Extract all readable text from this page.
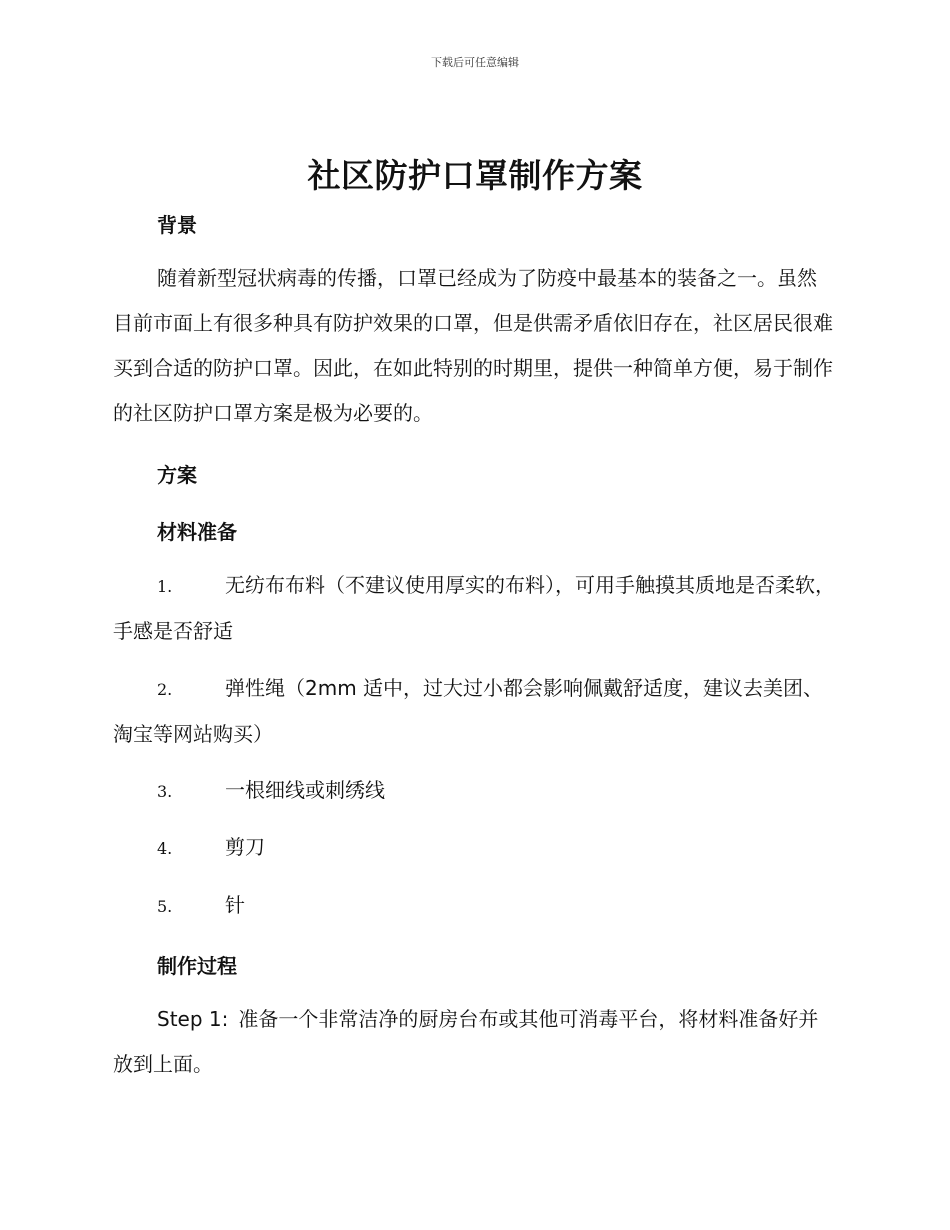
下载后可任意编辑
社区防护口罩制作方案
背景
随着新型冠状病毒的传播，口罩已经成为了防疫中最基本的装备之一。虽然目前市面上有很多种具有防护效果的口罩，但是供需矛盾依旧存在，社区居民很难买到合适的防护口罩。因此，在如此特别的时期里，提供一种简单方便，易于制作的社区防护口罩方案是极为必要的。
方案
材料准备
1.	无纺布布料（不建议使用厚实的布料），可用手触摸其质地是否柔软，手感是否舒适
2.	弹性绳（2mm 适中，过大过小都会影响佩戴舒适度，建议去美团、淘宝等网站购买）
3.	一根细线或刺绣线
4.	剪刀
5.	针
制作过程
Step 1: 准备一个非常洁净的厨房台布或其他可消毒平台，将材料准备好并放到上面。
